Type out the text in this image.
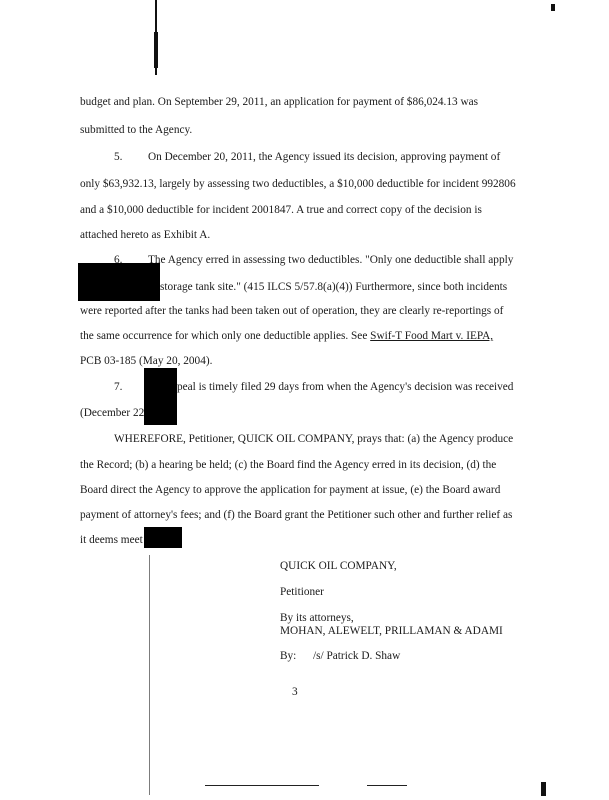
budget and plan. On September 29, 2011, an application for payment of $86,024.13 was
submitted to the Agency.
5. On December 20, 2011, the Agency issued its decision, approving payment of
only $63,932.13, largely by assessing two deductibles, a $10,000 deductible for incident 992806
and a $10,000 deductible for incident 2001847. A true and correct copy of the decision is
attached hereto as Exhibit A.
6. The Agency erred in assessing two deductibles. "Only one deductible shall apply
storage tank site." (415 ILCS 5/57.8(a)(4)) Furthermore, since both incidents
were reported after the tanks had been taken out of operation, they are clearly re-reportings of
the same occurrence for which only one deductible applies. See Swif-T Food Mart v. IEPA,
PCB 03-185 (May 20, 2004).
7.	peal is timely filed 29 days from when the Agency's decision was received
(December 22
WHEREFORE, Petitioner, QUICK OIL COMPANY, prays that: (a) the Agency produce
the Record; (b) a hearing be held; (c) the Board find the Agency erred in its decision, (d) the
Board direct the Agency to approve the application for payment at issue, (e) the Board award
payment of attorney's fees; and (f) the Board grant the Petitioner such other and further relief as
it deems meet
QUICK OIL COMPANY,
Petitioner
By its attorneys,
MOHAN, ALEWELT, PRILLAMAN & ADAMI
By: /s/ Patrick D. Shaw
3
